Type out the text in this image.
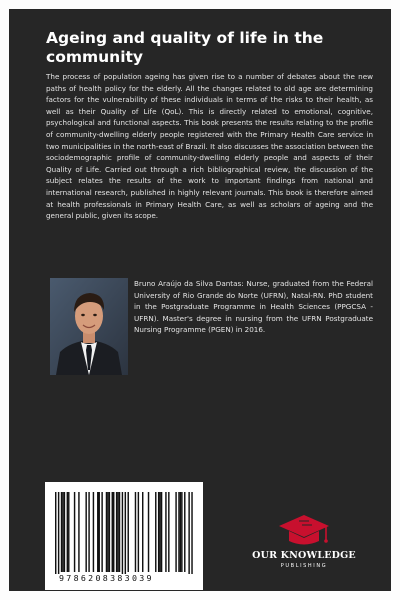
Ageing and quality of life in the community

The process of population ageing has given rise to a number of debates about the new paths of health policy for the elderly. All the changes related to old age are determining factors for the vulnerability of these individuals in terms of the risks to their health, as well as their Quality of Life (QoL). This is directly related to emotional, cognitive, psychological and functional aspects. This book presents the results relating to the profile of community-dwelling elderly people registered with the Primary Health Care service in two municipalities in the north-east of Brazil. It also discusses the association between the sociodemographic profile of community-dwelling elderly people and aspects of their Quality of Life. Carried out through a rich bibliographical review, the discussion of the subject relates the results of the work to important findings from national and international research, published in highly relevant journals. This book is therefore aimed at health professionals in Primary Health Care, as well as scholars of ageing and the general public, given its scope.

Bruno Araújo da Silva Dantas: Nurse, graduated from the Federal University of Rio Grande do Norte (UFRN), Natal-RN. PhD student in the Postgraduate Programme in Health Sciences (PPGCSA - UFRN). Master's degree in nursing from the UFRN Postgraduate Nursing Programme (PGEN) in 2016.

9786208383039
OUR KNOWLEDGE
PUBLISHING
